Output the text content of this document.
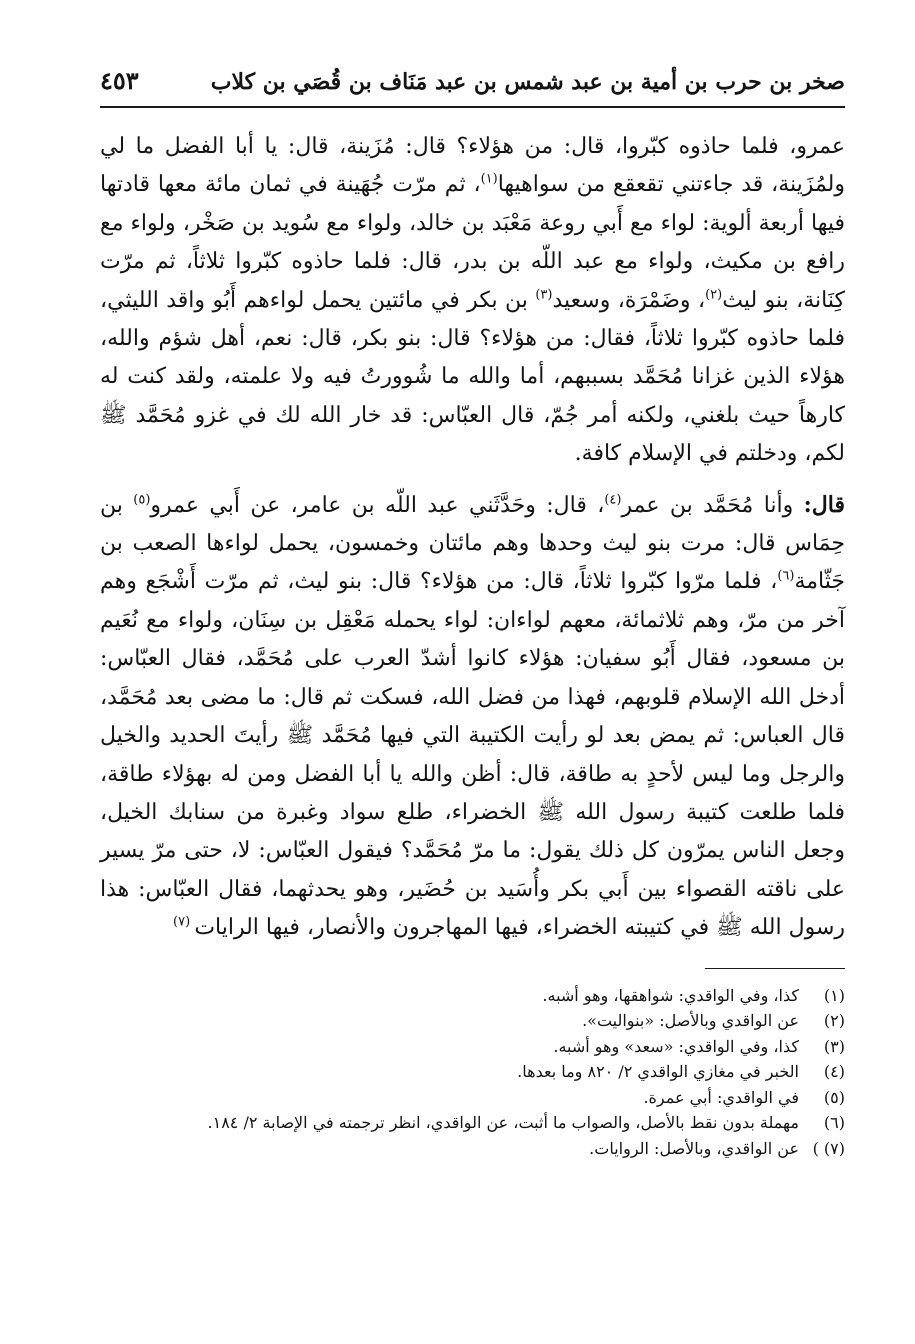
صخر بن حرب بن أمية بن عبد شمس بن عبد مَنَاف بن قُصَي بن كلاب
٤٥٣

عمرو، فلما حاذوه كبّروا، قال: من هؤلاء؟ قال: مُزَينة، قال: يا أبا الفضل ما لي ولمُزَينة، قد جاءتني تقعقع من سواهيها$^{(١)}$، ثم مرّت جُهَينة في ثمان مائة معها قادتها فيها أربعة ألوية: لواء مع أَبي روعة مَعْبَد بن خالد، ولواء مع سُويد بن صَخْر، ولواء مع رافع بن مكيث، ولواء مع عبد اللّه بن بدر، قال: فلما حاذوه كبّروا ثلاثاً، ثم مرّت كِنَانة، بنو ليث$^{(٢)}$، وضَمْرَة، وسعيد$^{(٣)}$ بن بكر في مائتين يحمل لواءهم أَبُو واقد الليثي، فلما حاذوه كبّروا ثلاثاً، فقال: من هؤلاء؟ قال: بنو بكر، قال: نعم، أهل شؤم والله، هؤلاء الذين غزانا مُحَمَّد بسببهم، أما والله ما شُوورتُ فيه ولا علمته، ولقد كنت له كارهاً حيث بلغني، ولكنه أمر جُمّ، قال العبّاس: قد خار الله لك في غزو مُحَمَّد ﷺ لكم، ودخلتم في الإسلام كافة.

قال: وأنا مُحَمَّد بن عمر$^{(٤)}$، قال: وحَدَّثَني عبد اللّه بن عامر، عن أَبي عمرو$^{(٥)}$ بن حِمَاس قال: مرت بنو ليث وحدها وهم مائتان وخمسون، يحمل لواءها الصعب بن جَثّامة$^{(٦)}$، فلما مرّوا كبّروا ثلاثاً، قال: من هؤلاء؟ قال: بنو ليث، ثم مرّت أَشْجَع وهم آخر من مرّ، وهم ثلاثمائة، معهم لواءان: لواء يحمله مَعْقِل بن سِنَان، ولواء مع نُعَيم بن مسعود، فقال أَبُو سفيان: هؤلاء كانوا أشدّ العرب على مُحَمَّد، فقال العبّاس: أدخل الله الإسلام قلوبهم، فهذا من فضل الله، فسكت ثم قال: ما مضى بعد مُحَمَّد، قال العباس: ثم يمض بعد لو رأيت الكتيبة التي فيها مُحَمَّد ﷺ رأيتَ الحديد والخيل والرجل وما ليس لأحدٍ به طاقة، قال: أظن والله يا أبا الفضل ومن له بهؤلاء طاقة، فلما طلعت كتيبة رسول الله ﷺ الخضراء، طلع سواد وغبرة من سنابك الخيل، وجعل الناس يمرّون كل ذلك يقول: ما مرّ مُحَمَّد؟ فيقول العبّاس: لا، حتى مرّ يسير على ناقته القصواء بين أَبي بكر وأُسَيد بن حُضَير، وهو يحدثهما، فقال العبّاس: هذا رسول الله ﷺ في كتيبته الخضراء، فيها المهاجرون والأنصار، فيها الرايات $^{(٧)}$

(١)
كذا، وفي الواقدي: شواهقها، وهو أشبه.
(٢)
عن الواقدي وبالأصل: «بنواليت».
(٣)
كذا، وفي الواقدي: «سعد» وهو أشبه.
(٤)
الخبر في مغازي الواقدي ٢/ ٨٢٠ وما بعدها.
(٥)
في الواقدي: أبي عمرة.
(٦)
مهملة بدون نقط بالأصل، والصواب ما أثبت، عن الواقدي، انظر ترجمته في الإصابة ٢/ ١٨٤.
(٧) )
عن الواقدي، وبالأصل: الروايات.
